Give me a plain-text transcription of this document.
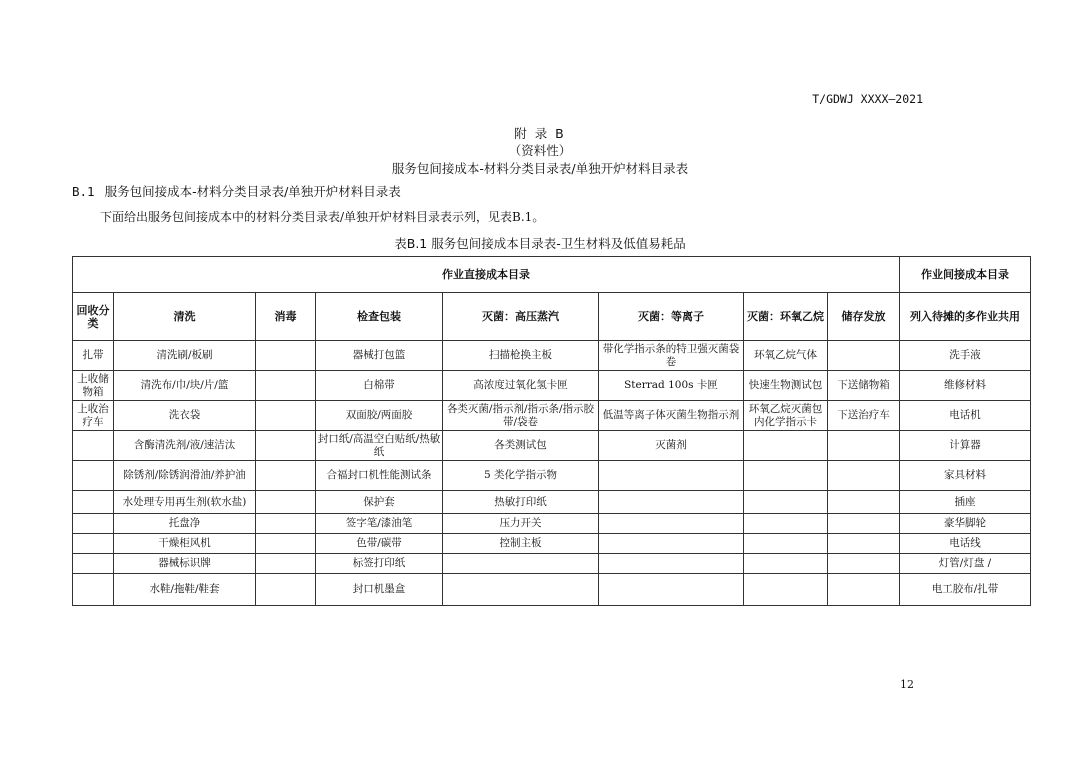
T/GDWJ XXXX—2021
附 录 B
（资料性）
服务包间接成本-材料分类目录表/单独开炉材料目录表
B.1 服务包间接成本-材料分类目录表/单独开炉材料目录表
下面给出服务包间接成本中的材料分类目录表/单独开炉材料目录表示列，见表B.1。
表B.1 服务包间接成本目录表-卫生材料及低值易耗品
作业直接成本目录								作业间接成本目录
回收分类	清洗	消毒	检查包装	灭菌：高压蒸汽	灭菌：等离子	灭菌：环氧乙烷	储存发放	列入待摊的多作业共用
扎带	清洗刷/板刷		器械打包篮	扫描枪换主板	带化学指示条的特卫强灭菌袋卷	环氧乙烷气体		洗手液
上收储物箱	清洗布/巾/块/片/篮		白棉带	高浓度过氧化氢卡匣	Sterrad 100s 卡匣	快速生物测试包	下送储物箱	维修材料
上收治疗车	洗衣袋		双面胶/两面胶	各类灭菌/指示剂/指示条/指示胶带/袋卷	低温等离子体灭菌生物指示剂	环氧乙烷灭菌包内化学指示卡	下送治疗车	电话机
	含酶清洗剂/液/速洁汰		封口纸/高温空白贴纸/热敏纸	各类测试包	灭菌剂			计算器
	除锈剂/除锈润滑油/养护油		合福封口机性能测试条	5 类化学指示物				家具材料
	水处理专用再生剂(软水盐)		保护套	热敏打印纸				插座
	托盘净		签字笔/漆油笔	压力开关				豪华脚轮
	干燥柜风机		色带/碳带	控制主板				电话线
	器械标识牌		标签打印纸					灯管/灯盘 /
	水鞋/拖鞋/鞋套		封口机墨盒					电工胶布/扎带
12
